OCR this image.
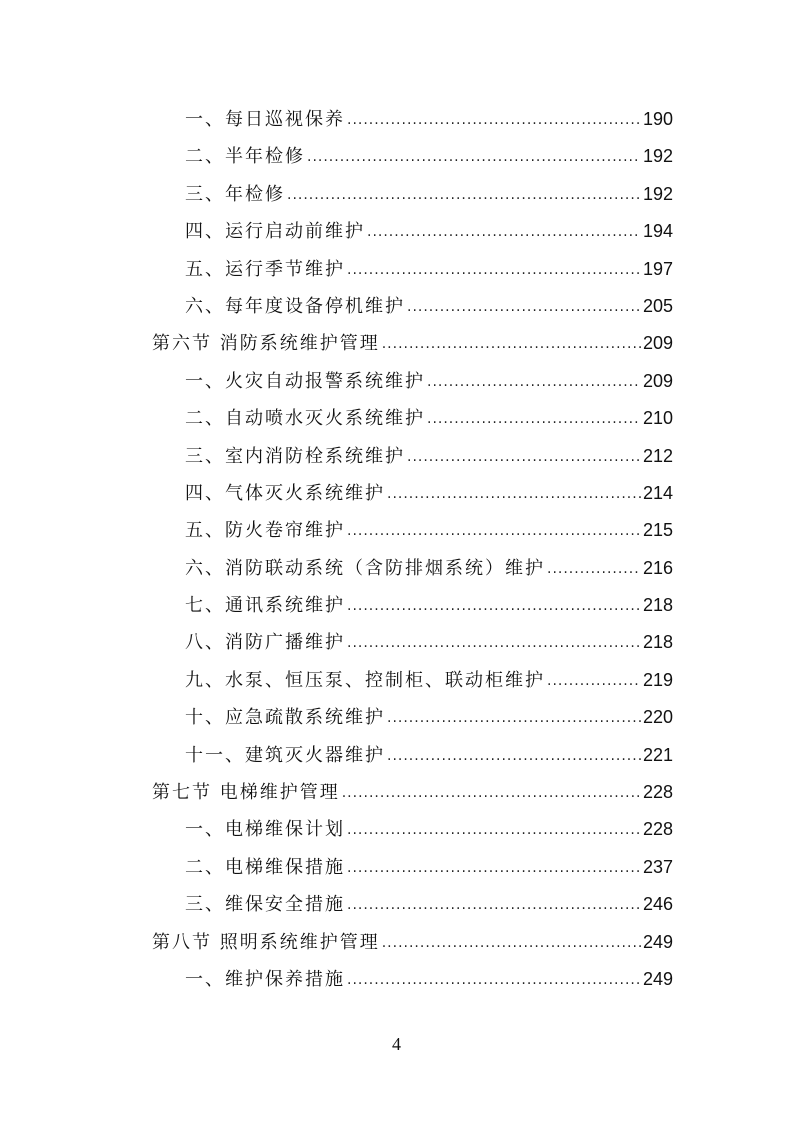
一、每日巡视保养 .....	190
二、半年检修 .....	192
三、年检修 .....	192
四、运行启动前维护 .....	194
五、运行季节维护 .....	197
六、每年度设备停机维护 .....	205
第六节 消防系统维护管理 .....	209
一、火灾自动报警系统维护 .....	209
二、自动喷水灭火系统维护 .....	210
三、室内消防栓系统维护 .....	212
四、气体灭火系统维护 .....	214
五、防火卷帘维护 .....	215
六、消防联动系统（含防排烟系统）维护 .....	216
七、通讯系统维护 .....	218
八、消防广播维护 .....	218
九、水泵、恒压泵、控制柜、联动柜维护 .....	219
十、应急疏散系统维护 .....	220
十一、建筑灭火器维护 .....	221
第七节 电梯维护管理 .....	228
一、电梯维保计划 .....	228
二、电梯维保措施 .....	237
三、维保安全措施 .....	246
第八节 照明系统维护管理 .....	249
一、维护保养措施 .....	249
4
